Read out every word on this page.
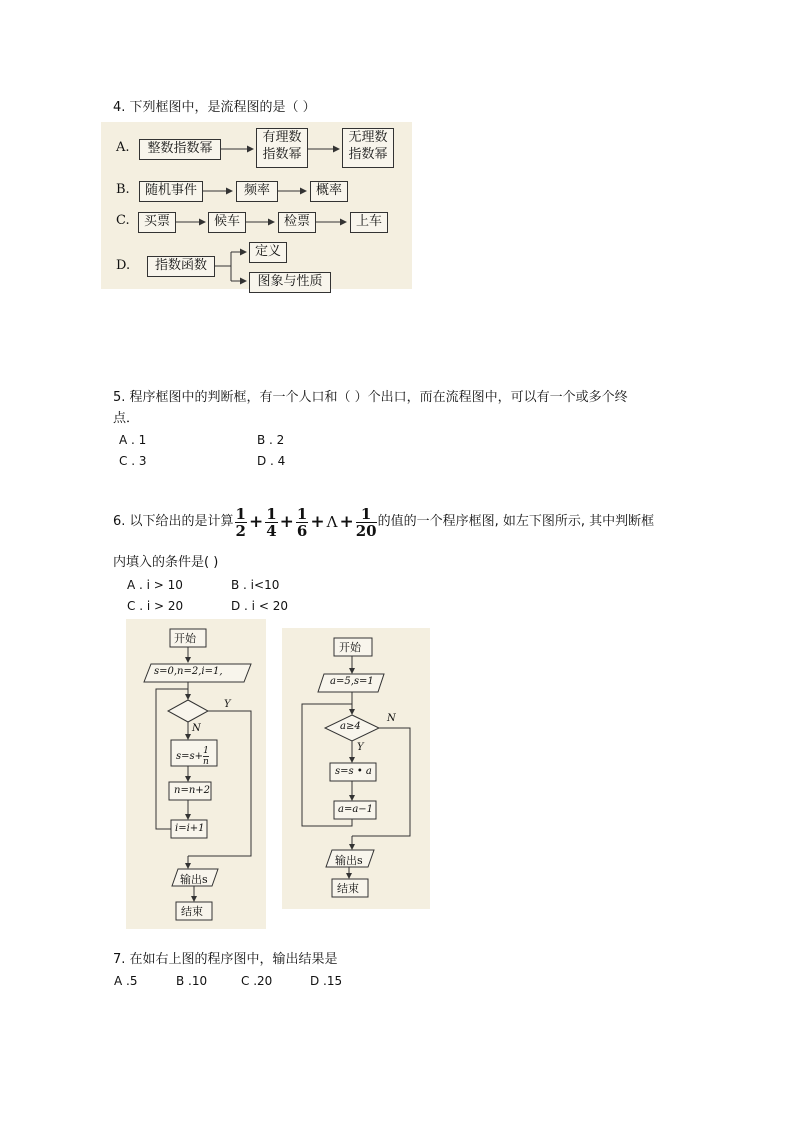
4. 下列框图中，是流程图的是（ ）
A.	整数指数幂
有理数
指数幂
无理数
指数幂
B.	随机事件	频率	概率
C.	买票	候车	检票	上车
D.	指数函数
定义
图象与性质
5. 程序框图中的判断框，有一个人口和（ ）个出口，而在流程图中，可以有一个或多个终
点．
A . 1	B . 2
C . 3	D . 4
6. 以下给出的是计算 $\frac{1}{2} + \frac{1}{4} + \frac{1}{6} + \Lambda + \frac{1}{20}$ 的值的一个程序框图, 如左下图所示, 其中判断框
内填入的条件是( )
A . i > 10	B . i<10
C . i > 20	D . i < 20
开始
s=0,n=2,i=1,
Y
N
$s=s+ \frac{1}{n}$
n=n+2
i=i+1
输出s
结束
开始
a=5,s=1
a≥4
N
Y
s=s • a
a=a−1
输出s
结束
7. 在如右上图的程序图中，输出结果是
A .5	B .10	C .20	D .15
